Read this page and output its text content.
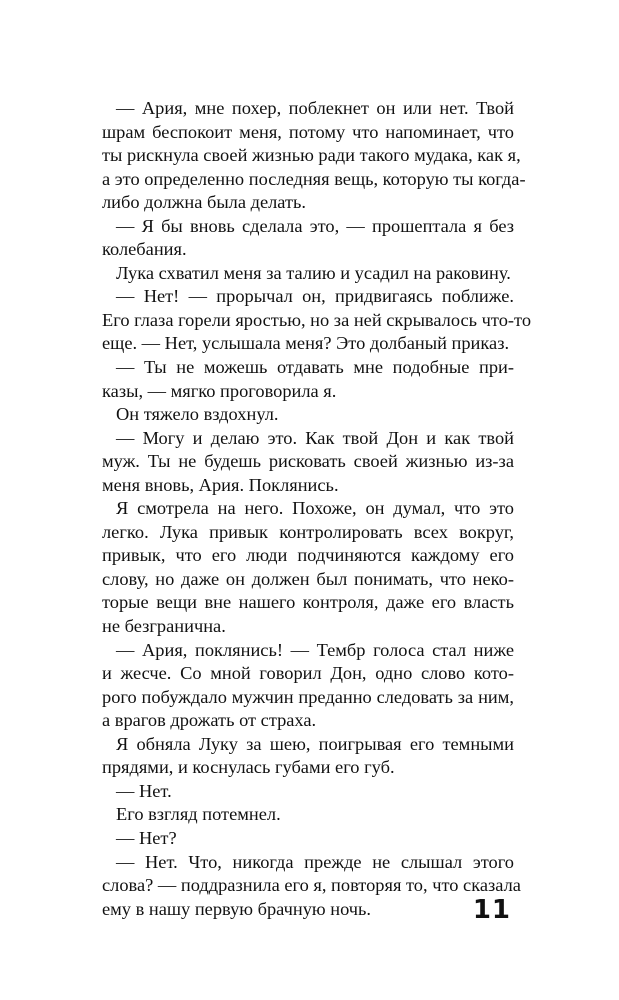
— Ария, мне похер, поблекнет он или нет. Твой
шрам беспокоит меня, потому что напоминает, что
ты рискнула своей жизнью ради такого мудака, как я,
а это определенно последняя вещь, которую ты когда-
либо должна была делать.
— Я бы вновь сделала это, — прошептала я без
колебания.
Лука схватил меня за талию и усадил на раковину.
— Нет! — прорычал он, придвигаясь поближе.
Его глаза горели яростью, но за ней скрывалось что-то
еще. — Нет, услышала меня? Это долбаный приказ.
— Ты не можешь отдавать мне подобные при-
казы, — мягко проговорила я.
Он тяжело вздохнул.
— Могу и делаю это. Как твой Дон и как твой
муж. Ты не будешь рисковать своей жизнью из-за
меня вновь, Ария. Поклянись.
Я смотрела на него. Похоже, он думал, что это
легко. Лука привык контролировать всех вокруг,
привык, что его люди подчиняются каждому его
слову, но даже он должен был понимать, что неко-
торые вещи вне нашего контроля, даже его власть
не безгранична.
— Ария, поклянись! — Тембр голоса стал ниже
и жесче. Со мной говорил Дон, одно слово кото-
рого побуждало мужчин преданно следовать за ним,
а врагов дрожать от страха.
Я обняла Луку за шею, поигрывая его темными
прядями, и коснулась губами его губ.
— Нет.
Его взгляд потемнел.
— Нет?
— Нет. Что, никогда прежде не слышал этого
слова? — поддразнила его я, повторяя то, что сказала
ему в нашу первую брачную ночь.	11
